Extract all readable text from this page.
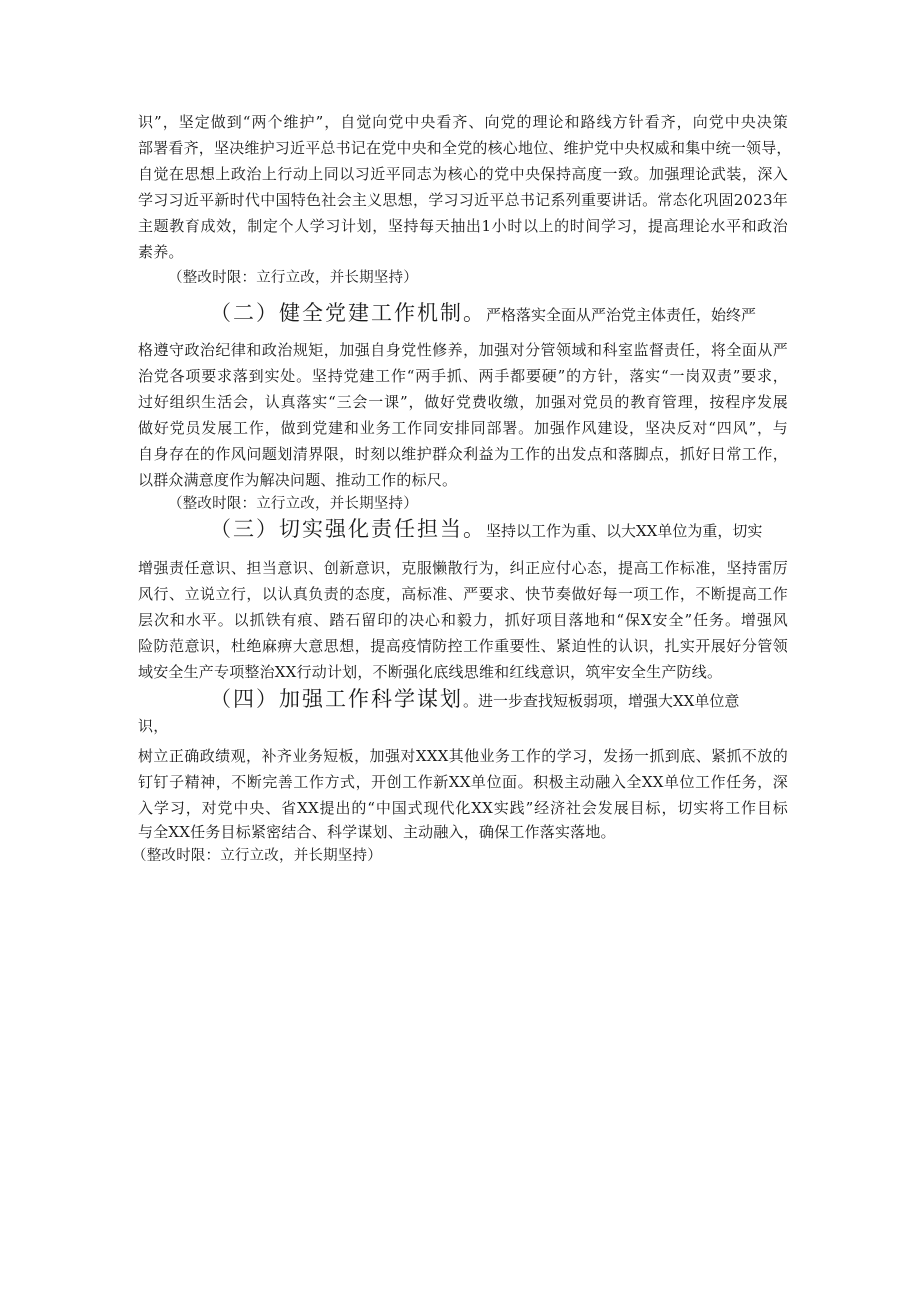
识”，坚定做到“两个维护”，自觉向党中央看齐、向党的理论和路线方针看齐，向党中央决策
部署看齐，坚决维护习近平总书记在党中央和全党的核心地位、维护党中央权威和集中统一领导，
自觉在思想上政治上行动上同以习近平同志为核心的党中央保持高度一致。加强理论武装，深入
学习习近平新时代中国特色社会主义思想，学习习近平总书记系列重要讲话。常态化巩固2023年
主题教育成效，制定个人学习计划，坚持每天抽出1小时以上的时间学习，提高理论水平和政治
素养。
（整改时限：立行立改，并长期坚持）
（二）健全党建工作机制。严格落实全面从严治党主体责任，始终严
格遵守政治纪律和政治规矩，加强自身党性修养，加强对分管领域和科室监督责任，将全面从严
治党各项要求落到实处。坚持党建工作“两手抓、两手都要硬”的方针，落实“一岗双责”要求，
过好组织生活会，认真落实“三会一课”，做好党费收缴，加强对党员的教育管理，按程序发展
做好党员发展工作，做到党建和业务工作同安排同部署。加强作风建设，坚决反对“四风”，与
自身存在的作风问题划清界限，时刻以维护群众利益为工作的出发点和落脚点，抓好日常工作，
以群众满意度作为解决问题、推动工作的标尺。
（整改时限：立行立改，并长期坚持）
（三）切实强化责任担当。坚持以工作为重、以大XX单位为重，切实
增强责任意识、担当意识、创新意识，克服懒散行为，纠正应付心态，提高工作标准，坚持雷厉
风行、立说立行，以认真负责的态度，高标准、严要求、快节奏做好每一项工作，不断提高工作
层次和水平。以抓铁有痕、踏石留印的决心和毅力，抓好项目落地和“保X安全”任务。增强风
险防范意识，杜绝麻痹大意思想，提高疫情防控工作重要性、紧迫性的认识，扎实开展好分管领
域安全生产专项整治XX行动计划，不断强化底线思维和红线意识，筑牢安全生产防线。
（四）加强工作科学谋划。进一步查找短板弱项，增强大XX单位意
识，
树立正确政绩观，补齐业务短板，加强对XXX其他业务工作的学习，发扬一抓到底、紧抓不放的
钉钉子精神，不断完善工作方式，开创工作新XX单位面。积极主动融入全XX单位工作任务，深
入学习，对党中央、省XX提出的“中国式现代化XX实践”经济社会发展目标，切实将工作目标
与全XX任务目标紧密结合、科学谋划、主动融入，确保工作落实落地。
（整改时限：立行立改，并长期坚持）
